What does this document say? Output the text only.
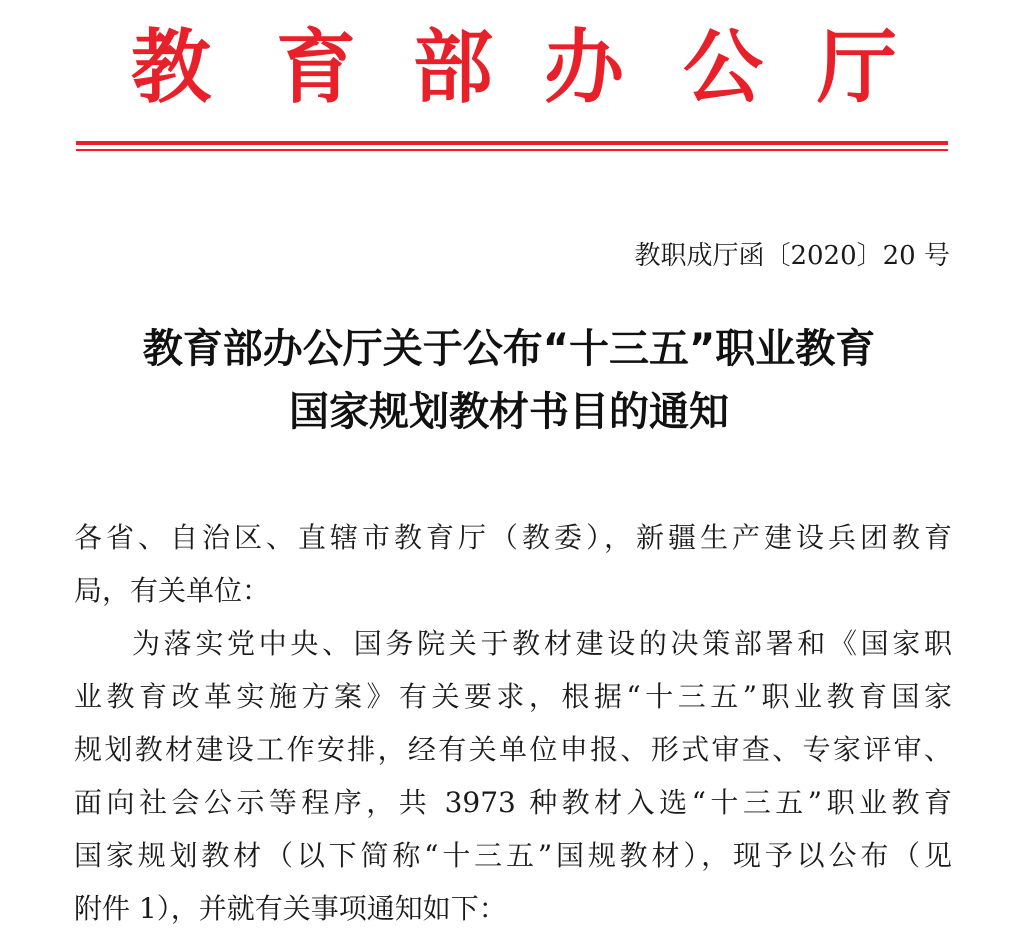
教 育 部 办 公 厅
教职成厅函〔2020〕20 号
教育部办公厅关于公布“十三五”职业教育
国家规划教材书目的通知
各省、自治区、直辖市教育厅（教委），新疆生产建设兵团教育
局，有关单位：
为落实党中央、国务院关于教材建设的决策部署和《国家职
业教育改革实施方案》有关要求，根据“十三五”职业教育国家
规划教材建设工作安排，经有关单位申报、形式审查、专家评审、
面向社会公示等程序，共 3973 种教材入选“十三五”职业教育
国家规划教材（以下简称“十三五”国规教材），现予以公布（见
附件 1），并就有关事项通知如下：
